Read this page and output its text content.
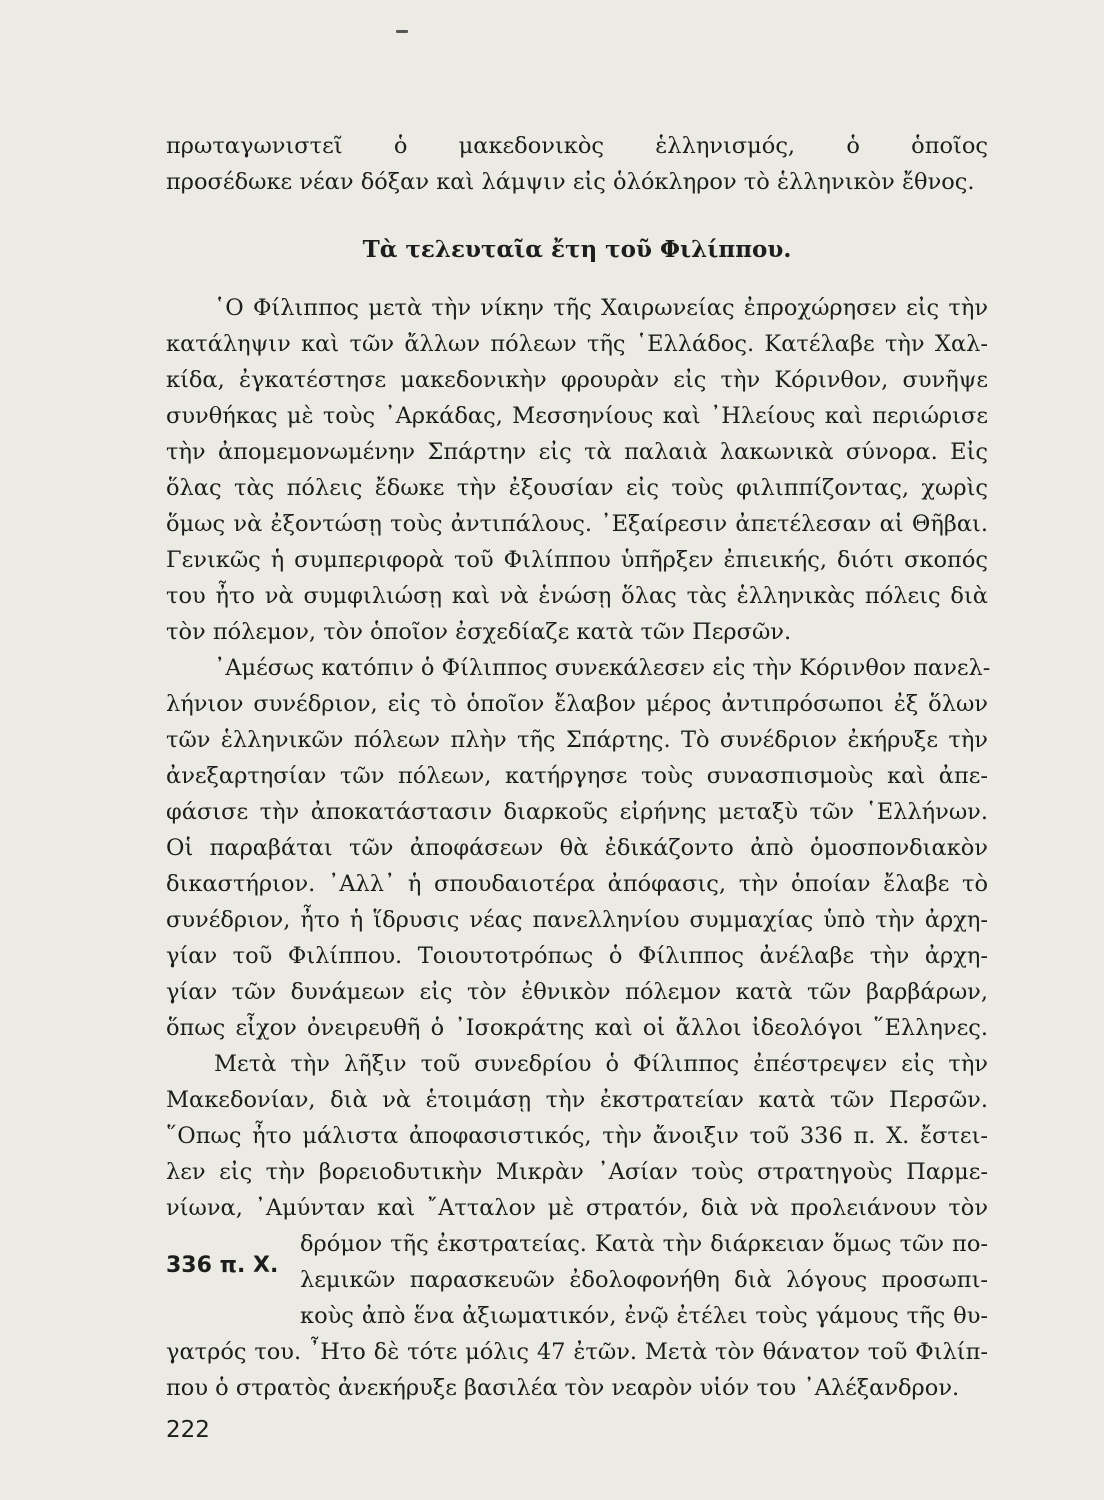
πρωταγωνιστεῖ ὁ μακεδονικὸς ἑλληνισμός, ὁ ὁποῖος
προσέδωκε νέαν δόξαν καὶ λάμψιν εἰς ὁλόκληρον τὸ ἑλληνικὸν ἔθνος.
Τὰ τελευταῖα ἔτη τοῦ Φιλίππου.
῾Ο Φίλιππος μετὰ τὴν νίκην τῆς Χαιρωνείας ἐπροχώρησεν εἰς τὴν
κατάληψιν καὶ τῶν ἄλλων πόλεων τῆς ῾Ελλάδος. Κατέλαβε τὴν Χαλ-
κίδα, ἐγκατέστησε μακεδονικὴν φρουρὰν εἰς τὴν Κόρινθον, συνῆψε
συνθήκας μὲ τοὺς ᾿Αρκάδας, Μεσσηνίους καὶ ᾿Ηλείους καὶ περιώρισε
τὴν ἀπομεμονωμένην Σπάρτην εἰς τὰ παλαιὰ λακωνικὰ σύνορα. Εἰς
ὅλας τὰς πόλεις ἔδωκε τὴν ἐξουσίαν εἰς τοὺς φιλιππίζοντας, χωρὶς
ὅμως νὰ ἐξοντώσῃ τοὺς ἀντιπάλους. ᾿Εξαίρεσιν ἀπετέλεσαν αἱ Θῆβαι.
Γενικῶς ἡ συμπεριφορὰ τοῦ Φιλίππου ὑπῆρξεν ἐπιεικής, διότι σκοπός
του ἦτο νὰ συμφιλιώσῃ καὶ νὰ ἑνώσῃ ὅλας τὰς ἑλληνικὰς πόλεις διὰ
τὸν πόλεμον, τὸν ὁποῖον ἐσχεδίαζε κατὰ τῶν Περσῶν.
᾿Αμέσως κατόπιν ὁ Φίλιππος συνεκάλεσεν εἰς τὴν Κόρινθον πανελ-
λήνιον συνέδριον, εἰς τὸ ὁποῖον ἔλαβον μέρος ἀντιπρόσωποι ἐξ ὅλων
τῶν ἑλληνικῶν πόλεων πλὴν τῆς Σπάρτης. Τὸ συνέδριον ἐκήρυξε τὴν
ἀνεξαρτησίαν τῶν πόλεων, κατήργησε τοὺς συνασπισμοὺς καὶ ἀπε-
φάσισε τὴν ἀποκατάστασιν διαρκοῦς εἰρήνης μεταξὺ τῶν ῾Ελλήνων.
Οἱ παραβάται τῶν ἀποφάσεων θὰ ἐδικάζοντο ἀπὸ ὁμοσπονδιακὸν
δικαστήριον. ᾿Αλλ᾿ ἡ σπουδαιοτέρα ἀπόφασις, τὴν ὁποίαν ἔλαβε τὸ
συνέδριον, ἦτο ἡ ἵδρυσις νέας πανελληνίου συμμαχίας ὑπὸ τὴν ἀρχη-
γίαν τοῦ Φιλίππου. Τοιουτοτρόπως ὁ Φίλιππος ἀνέλαβε τὴν ἀρχη-
γίαν τῶν δυνάμεων εἰς τὸν ἐθνικὸν πόλεμον κατὰ τῶν βαρβάρων,
ὅπως εἶχον ὀνειρευθῆ ὁ ᾿Ισοκράτης καὶ οἱ ἄλλοι ἰδεολόγοι ῞Ελληνες.
Μετὰ τὴν λῆξιν τοῦ συνεδρίου ὁ Φίλιππος ἐπέστρεψεν εἰς τὴν
Μακεδονίαν, διὰ νὰ ἑτοιμάσῃ τὴν ἐκστρατείαν κατὰ τῶν Περσῶν.
῞Οπως ἦτο μάλιστα ἀποφασιστικός, τὴν ἄνοιξιν τοῦ 336 π. Χ. ἔστει-
λεν εἰς τὴν βορειοδυτικὴν Μικρὰν ᾿Ασίαν τοὺς στρατηγοὺς Παρμε-
νίωνα, ᾿Αμύνταν καὶ ῎Ατταλον μὲ στρατόν, διὰ νὰ προλειάνουν τὸν
δρόμον τῆς ἐκστρατείας. Κατὰ τὴν διάρκειαν ὅμως τῶν πο-
λεμικῶν παρασκευῶν ἐδολοφονήθη διὰ λόγους προσωπι-
κοὺς ἀπὸ ἕνα ἀξιωματικόν, ἐνῷ ἐτέλει τοὺς γάμους τῆς θυ-
γατρός του. ῏Ητο δὲ τότε μόλις 47 ἐτῶν. Μετὰ τὸν θάνατον τοῦ Φιλίπ-
που ὁ στρατὸς ἀνεκήρυξε βασιλέα τὸν νεαρὸν υἱόν του ᾿Αλέξανδρον.
336 π. Χ.
222
